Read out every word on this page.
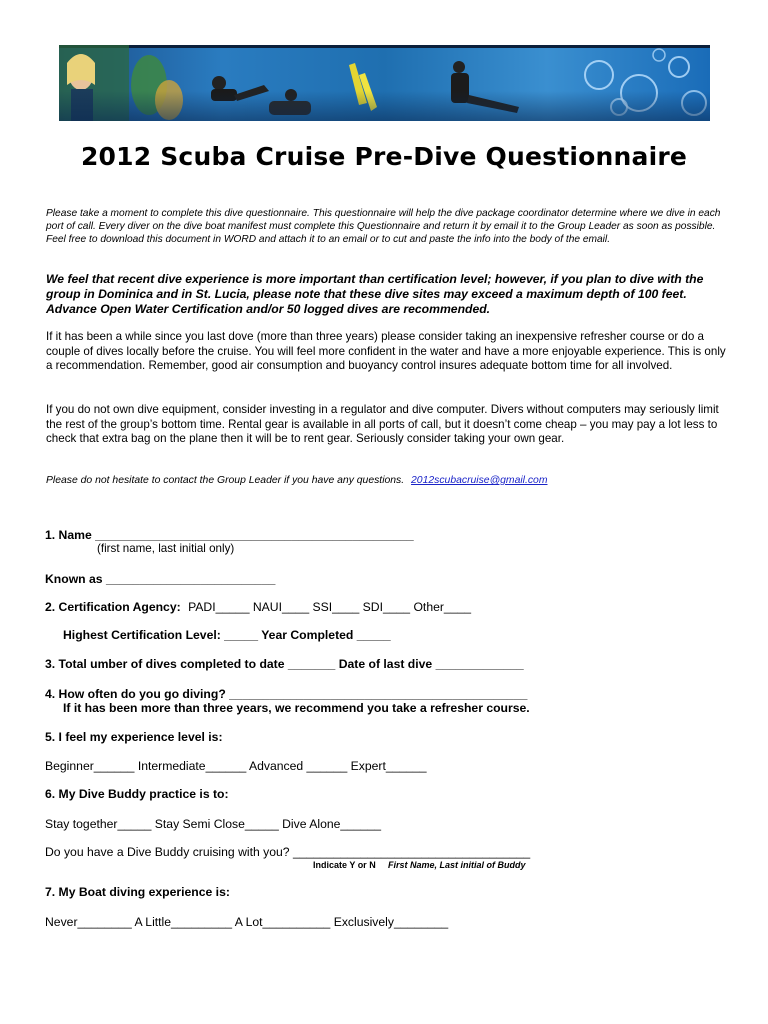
2012 Scuba Cruise Pre-Dive Questionnaire
Please take a moment to complete this dive questionnaire. This questionnaire will help the dive package coordinator determine where we dive in each port of call. Every diver on the dive boat manifest must complete this Questionnaire and return it by email it to the Group Leader as soon as possible. Feel free to download this document in WORD and attach it to an email or to cut and paste the info into the body of the email.
We feel that recent dive experience is more important than certification level; however, if you plan to dive with the group in Dominica and in St. Lucia, please note that these dive sites may exceed a maximum depth of 100 feet. Advance Open Water Certification and/or 50 logged dives are recommended.
If it has been a while since you last dove (more than three years) please consider taking an inexpensive refresher course or do a couple of dives locally before the cruise. You will feel more confident in the water and have a more enjoyable experience. This is only a recommendation. Remember, good air consumption and buoyancy control insures adequate bottom time for all involved.
If you do not own dive equipment, consider investing in a regulator and dive computer. Divers without computers may seriously limit the rest of the group’s bottom time. Rental gear is available in all ports of call, but it doesn’t come cheap – you may pay a lot less to check that extra bag on the plane then it will be to rent gear. Seriously consider taking your own gear.
Please do not hesitate to contact the Group Leader if you have any questions. 2012scubacruise@gmail.com
1. Name _______________________________________________
(first name, last initial only)
Known as _________________________
2. Certification Agency: PADI_____ NAUI____ SSI____ SDI____ Other____
Highest Certification Level: _____ Year Completed _____
3. Total umber of dives completed to date _______ Date of last dive _____________
4. How often do you go diving? ____________________________________________
If it has been more than three years, we recommend you take a refresher course.
5. I feel my experience level is:
Beginner______ Intermediate______ Advanced ______ Expert______
6. My Dive Buddy practice is to:
Stay together_____ Stay Semi Close_____ Dive Alone______
Do you have a Dive Buddy cruising with you? ___________________________________
Indicate Y or N First Name, Last initial of Buddy
7. My Boat diving experience is:
Never________ A Little_________ A Lot__________ Exclusively________
